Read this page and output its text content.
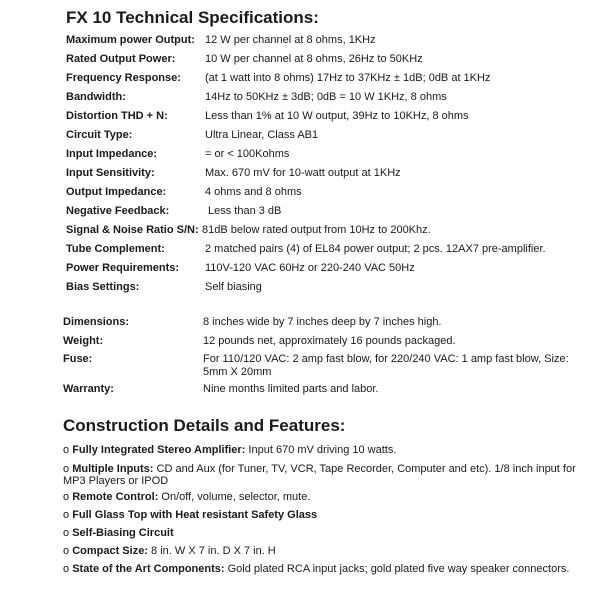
FX 10 Technical Specifications:
Maximum power Output: 12 W per channel at 8 ohms, 1KHz
Rated Output Power:	10 W per channel at 8 ohms, 26Hz to 50KHz
Frequency Response: (at 1 watt into 8 ohms) 17Hz to 37KHz ± 1dB; 0dB at 1KHz
Bandwidth:	14Hz to 50KHz ± 3dB; 0dB = 10 W 1KHz, 8 ohms
Distortion THD + N:	Less than 1% at 10 W output, 39Hz to 10KHz, 8 ohms
Circuit Type:	Ultra Linear, Class AB1
Input Impedance:	= or < 100Kohms
Input Sensitivity:	Max. 670 mV for 10-watt output at 1KHz
Output Impedance:	4 ohms and 8 ohms
Negative Feedback:	Less than 3 dB
Signal & Noise Ratio S/N: 81dB below rated output from 10Hz to 200Khz.
Tube Complement:	2 matched pairs (4) of EL84 power output; 2 pcs. 12AX7 pre-amplifier.
Power Requirements: 110V-120 VAC 60Hz or 220-240 VAC 50Hz
Bias Settings:	Self biasing
Dimensions:	8 inches wide by 7 inches deep by 7 inches high.
Weight:	12 pounds net, approximately 16 pounds packaged.
Fuse:	For 110/120 VAC: 2 amp fast blow, for 220/240 VAC: 1 amp fast blow, Size: 5mm X 20mm
Warranty:	Nine months limited parts and labor.
Construction Details and Features:
o Fully Integrated Stereo Amplifier: Input 670 mV driving 10 watts.
o Multiple Inputs: CD and Aux (for Tuner, TV, VCR, Tape Recorder, Computer and etc). 1/8 inch input for MP3 Players or IPOD
o Remote Control: On/off, volume, selector, mute.
o Full Glass Top with Heat resistant Safety Glass
o Self-Biasing Circuit
o Compact Size: 8 in. W X 7 in. D X 7 in. H
o State of the Art Components: Gold plated RCA input jacks; gold plated five way speaker connectors.
